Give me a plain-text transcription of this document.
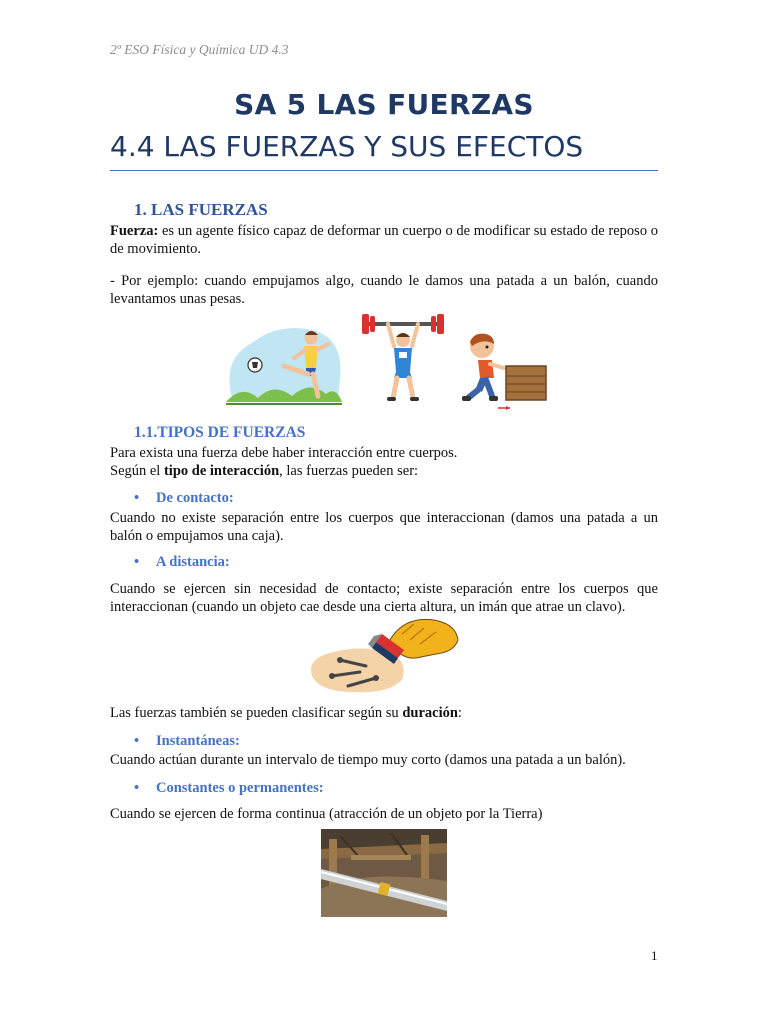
2º ESO Física y Química UD 4.3
SA 5 LAS FUERZAS
4.4 LAS FUERZAS Y SUS EFECTOS
1. LAS FUERZAS
Fuerza: es un agente físico capaz de deformar un cuerpo o de modificar su estado de reposo o de movimiento.
- Por ejemplo: cuando empujamos algo, cuando le damos una patada a un balón, cuando levantamos unas pesas.
1.1.TIPOS DE FUERZAS
Para exista una fuerza debe haber interacción entre cuerpos.
Según el tipo de interacción, las fuerzas pueden ser:
• De contacto:
Cuando no existe separación entre los cuerpos que interaccionan (damos una patada a un balón o empujamos una caja).
• A distancia:
Cuando se ejercen sin necesidad de contacto; existe separación entre los cuerpos que interaccionan (cuando un objeto cae desde una cierta altura, un imán que atrae un clavo).
Las fuerzas también se pueden clasificar según su duración:
• Instantáneas:
Cuando actúan durante un intervalo de tiempo muy corto (damos una patada a un balón).
• Constantes o permanentes:
Cuando se ejercen de forma continua (atracción de un objeto por la Tierra)
1
